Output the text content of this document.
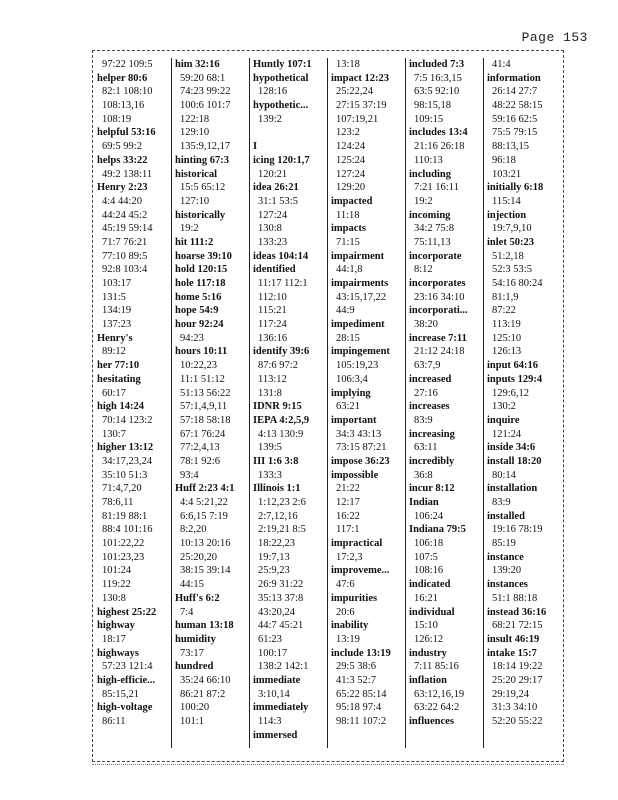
Page 153
97:22 109:5
helper 80:6
82:1 108:10
108:13,16
108:19
helpful 53:16
69:5 99:2
helps 33:22
49:2 138:11
Henry 2:23
4:4 44:20
44:24 45:2
45:19 59:14
71:7 76:21
77:10 89:5
92:8 103:4
103:17
131:5
134:19
137:23
Henry's
89:12
her 77:10
hesitating
60:17
high 14:24
70:14 123:2
130:7
higher 13:12
34:17,23,24
35:10 51:3
71:4,7,20
78:6,11
81:19 88:1
88:4 101:16
101:22,22
101:23,23
101:24
119:22
130:8
highest 25:22
highway
18:17
highways
57:23 121:4
high-efficie...
85:15,21
high-voltage
86:11
him 32:16
59:20 68:1
74:23 99:22
100:6 101:7
122:18
129:10
135:9,12,17
hinting 67:3
historical
15:5 65:12
127:10
historically
19:2
hit 111:2
hoarse 39:10
hold 120:15
hole 117:18
home 5:16
hope 54:9
hour 92:24
94:23
hours 10:11
10:22,23
11:1 51:12
51:13 56:22
57:1,4,9,11
57:18 58:18
67:1 76:24
77:2,4,13
78:1 92:6
93:4
Huff 2:23 4:1
4:4 5:21,22
6:6,15 7:19
8:2,20
10:13 20:16
25:20,20
38:15 39:14
44:15
Huff's 6:2
7:4
human 13:18
humidity
73:17
hundred
35:24 66:10
86:21 87:2
100:20
101:1
Huntly 107:1
hypothetical
128:16
hypothetic...
139:2
I
icing 120:1,7
120:21
idea 26:21
31:1 53:5
127:24
130:8
133:23
ideas 104:14
identified
11:17 112:1
112:10
115:21
117:24
136:16
identify 39:6
87:6 97:2
113:12
131:8
IDNR 9:15
IEPA 4:2,5,9
4:13 130:9
139:5
III 1:6 3:8
133:3
Illinois 1:1
1:12,23 2:6
2:7,12,16
2:19,21 8:5
18:22,23
19:7,13
25:9,23
26:9 31:22
35:13 37:8
43:20,24
44:7 45:21
61:23
100:17
138:2 142:1
immediate
3:10,14
immediately
114:3
immersed
13:18
impact 12:23
25:22,24
27:15 37:19
107:19,21
123:2
124:24
125:24
127:24
129:20
impacted
11:18
impacts
71:15
impairment
44:1,8
impairments
43:15,17,22
44:9
impediment
28:15
impingement
105:19,23
106:3,4
implying
63:21
important
34:3 43:13
73:15 87:21
impose 36:23
impossible
21:22
12:17
16:22
117:1
impractical
17:2,3
improveme...
47:6
impurities
20:6
inability
13:19
include 13:19
29:5 38:6
41:3 52:7
65:22 85:14
95:18 97:4
98:11 107:2
included 7:3
7:5 16:3,15
63:5 92:10
98:15,18
109:15
includes 13:4
21:16 26:18
110:13
including
7:21 16:11
19:2
incoming
34:2 75:8
75:11,13
incorporate
8:12
incorporates
23:16 34:10
incorporati...
38:20
increase 7:11
21:12 24:18
63:7,9
increased
27:16
increases
83:9
increasing
63:11
incredibly
36:8
incur 8:12
Indian
106:24
Indiana 79:5
106:18
107:5
108:16
indicated
16:21
individual
15:10
126:12
industry
7:11 85:16
inflation
63:12,16,19
63:22 64:2
influences
41:4
information
26:14 27:7
48:22 58:15
59:16 62:5
75:5 79:15
88:13,15
96:18
103:21
initially 6:18
115:14
injection
19:7,9,10
inlet 50:23
51:2,18
52:3 53:5
54:16 80:24
81:1,9
87:22
113:19
125:10
126:13
input 64:16
inputs 129:4
129:6,12
130:2
inquire
121:24
inside 34:6
install 18:20
80:14
installation
83:9
installed
19:16 78:19
85:19
instance
139:20
instances
51:1 88:18
instead 36:16
68:21 72:15
insult 46:19
intake 15:7
18:14 19:22
25:20 29:17
29:19,24
31:3 34:10
52:20 55:22
